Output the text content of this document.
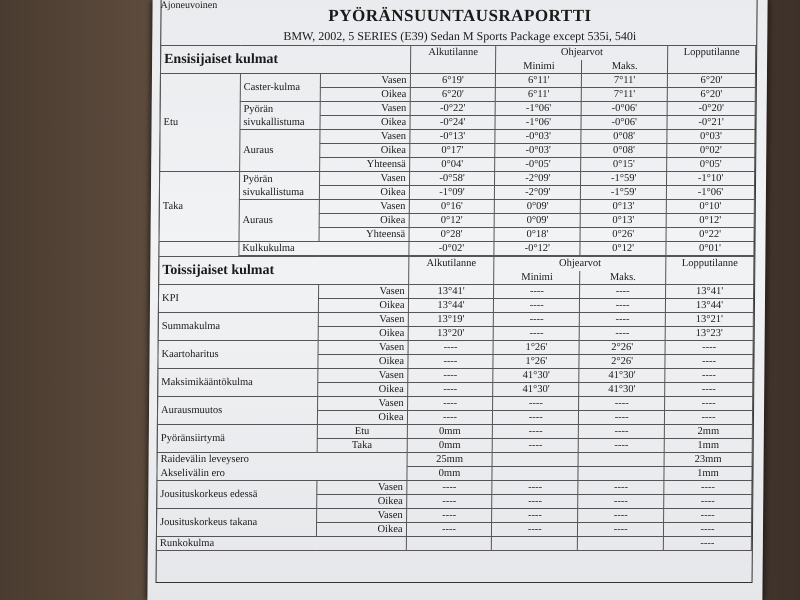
Ajoneuvoinen
PYÖRÄNSUUNTAUSRAPORTTI
BMW, 2002, 5 SERIES (E39) Sedan M Sports Package except 535i, 540i
Ensisijaiset kulmat			Alkutilanne	Ohjearvot		Lopputilanne
				Minimi	Maks.	
Etu	Caster-kulma	Vasen	6°19'	6°11'	7°11'	6°20'
		Oikea	6°20'	6°11'	7°11'	6°20'
	Pyörän
sivukallistuma	Vasen	-0°22'	-1°06'	-0°06'	-0°20'
		Oikea	-0°24'	-1°06'	-0°06'	-0°21'
	Auraus	Vasen	-0°13'	-0°03'	0°08'	0°03'
		Oikea	0°17'	-0°03'	0°08'	0°02'
		Yhteensä	0°04'	-0°05'	0°15'	0°05'
Taka	Pyörän
sivukallistuma	Vasen	-0°58'	-2°09'	-1°59'	-1°10'
		Oikea	-1°09'	-2°09'	-1°59'	-1°06'
	Auraus	Vasen	0°16'	0°09'	0°13'	0°10'
		Oikea	0°12'	0°09'	0°13'	0°12'
		Yhteensä	0°28'	0°18'	0°26'	0°22'
	Kulkukulma		-0°02'	-0°12'	0°12'	0°01'
Toissijaiset kulmat		Alkutilanne	Ohjearvot		Lopputilanne
			Minimi	Maks.	
KPI	Vasen	13°41'	----	----	13°41'
	Oikea	13°44'	----	----	13°44'
Summakulma	Vasen	13°19'	----	----	13°21'
	Oikea	13°20'	----	----	13°23'
Kaartoharitus	Vasen	----	1°26'	2°26'	----
	Oikea	----	1°26'	2°26'	----
Maksimikääntökulma	Vasen	----	41°30'	41°30'	----
	Oikea	----	41°30'	41°30'	----
Aurausmuutos	Vasen	----	----	----	----
	Oikea	----	----	----	----
Pyöränsiirtymä	Etu	0mm	----	----	2mm
	Taka	0mm	----	----	1mm
Raidevälin leveysero		25mm			23mm
Akselivälin ero		0mm			1mm
Jousituskorkeus edessä	Vasen	----	----	----	----
	Oikea	----	----	----	----
Jousituskorkeus takana	Vasen	----	----	----	----
	Oikea	----	----	----	----
Runkokulma					----
